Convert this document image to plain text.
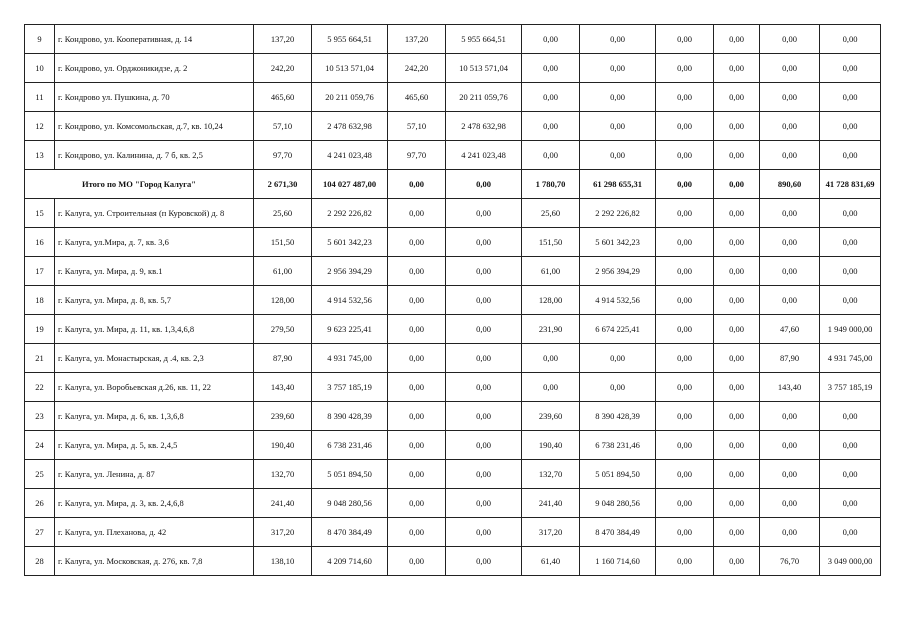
9	г. Кондрово, ул. Кооперативная, д. 14	137,20	5 955 664,51	137,20	5 955 664,51	0,00	0,00	0,00	0,00	0,00	0,00
10	г. Кондрово, ул. Орджоникидзе, д. 2	242,20	10 513 571,04	242,20	10 513 571,04	0,00	0,00	0,00	0,00	0,00	0,00
11	г. Кондрово ул. Пушкина, д. 70	465,60	20 211 059,76	465,60	20 211 059,76	0,00	0,00	0,00	0,00	0,00	0,00
12	г. Кондрово, ул. Комсомольская, д.7, кв. 10,24	57,10	2 478 632,98	57,10	2 478 632,98	0,00	0,00	0,00	0,00	0,00	0,00
13	г. Кондрово, ул. Калинина, д. 7 б, кв. 2,5	97,70	4 241 023,48	97,70	4 241 023,48	0,00	0,00	0,00	0,00	0,00	0,00
Итого по МО "Город Калуга"		2 671,30	104 027 487,00	0,00	0,00	1 780,70	61 298 655,31	0,00	0,00	890,60	41 728 831,69
15	г. Калуга, ул. Строительная (п Куровской) д. 8	25,60	2 292 226,82	0,00	0,00	25,60	2 292 226,82	0,00	0,00	0,00	0,00
16	г. Калуга, ул.Мира, д. 7, кв. 3,6	151,50	5 601 342,23	0,00	0,00	151,50	5 601 342,23	0,00	0,00	0,00	0,00
17	г. Калуга, ул. Мира, д. 9, кв.1	61,00	2 956 394,29	0,00	0,00	61,00	2 956 394,29	0,00	0,00	0,00	0,00
18	г. Калуга, ул. Мира, д. 8, кв. 5,7	128,00	4 914 532,56	0,00	0,00	128,00	4 914 532,56	0,00	0,00	0,00	0,00
19	г. Калуга, ул. Мира, д. 11, кв. 1,3,4,6,8	279,50	9 623 225,41	0,00	0,00	231,90	6 674 225,41	0,00	0,00	47,60	1 949 000,00
21	г. Калуга, ул. Монастырская, д .4, кв. 2,3	87,90	4 931 745,00	0,00	0,00	0,00	0,00	0,00	0,00	87,90	4 931 745,00
22	г. Калуга, ул. Воробьевская д.26, кв. 11, 22	143,40	3 757 185,19	0,00	0,00	0,00	0,00	0,00	0,00	143,40	3 757 185,19
23	г. Калуга, ул. Мира, д. 6, кв. 1,3,6,8	239,60	8 390 428,39	0,00	0,00	239,60	8 390 428,39	0,00	0,00	0,00	0,00
24	г. Калуга, ул. Мира, д. 5, кв. 2,4,5	190,40	6 738 231,46	0,00	0,00	190,40	6 738 231,46	0,00	0,00	0,00	0,00
25	г. Калуга, ул. Ленина, д. 87	132,70	5 051 894,50	0,00	0,00	132,70	5 051 894,50	0,00	0,00	0,00	0,00
26	г. Калуга, ул. Мира, д. 3, кв. 2,4,6,8	241,40	9 048 280,56	0,00	0,00	241,40	9 048 280,56	0,00	0,00	0,00	0,00
27	г. Калуга, ул. Плеханова, д. 42	317,20	8 470 384,49	0,00	0,00	317,20	8 470 384,49	0,00	0,00	0,00	0,00
28	г. Калуга, ул. Московская, д. 276, кв. 7,8	138,10	4 209 714,60	0,00	0,00	61,40	1 160 714,60	0,00	0,00	76,70	3 049 000,00
